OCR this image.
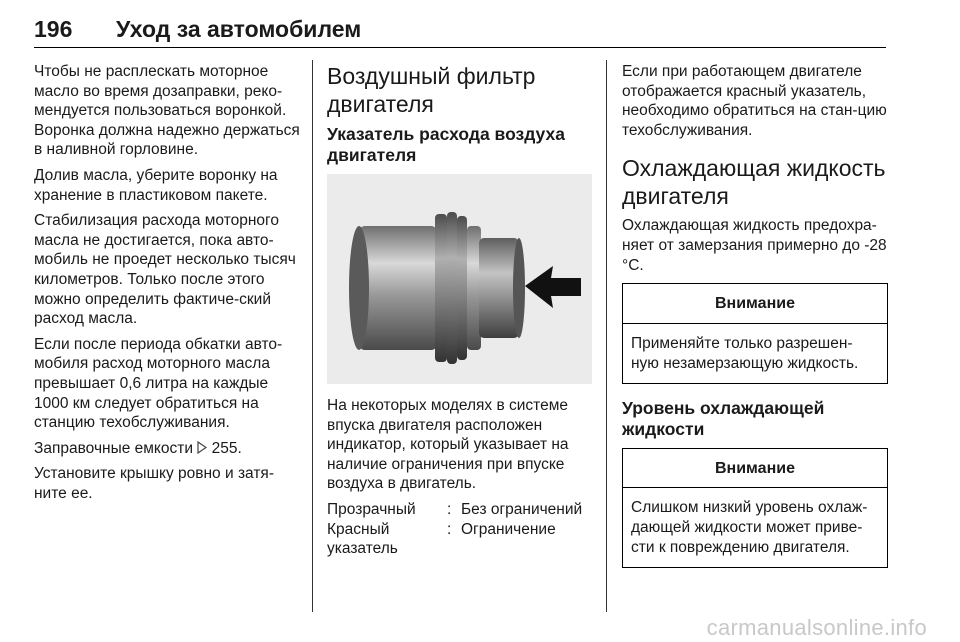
196 Уход за автомобилем

Чтобы не расплескать моторное масло во время дозаправки, реко-мендуется пользоваться воронкой. Воронка должна надежно держаться в наливной горловине.

Долив масла, уберите воронку на хранение в пластиковом пакете.

Стабилизация расхода моторного масла не достигается, пока авто-мобиль не проедет несколько тысяч километров. Только после этого можно определить фактиче-ский расход масла.

Если после периода обкатки авто-мобиля расход моторного масла превышает 0,6 литра на каждые 1000 км следует обратиться на станцию техобслуживания.

Заправочные емкости 255.

Установите крышку ровно и затя-ните ее.

Воздушный фильтр двигателя
Указатель расхода воздуха двигателя

На некоторых моделях в системе впуска двигателя расположен индикатор, который указывает на наличие ограничения при впуске воздуха в двигатель.

Прозрачный	: Без ограничений
Красный указатель
: Ограничение

Если при работающем двигателе отображается красный указатель, необходимо обратиться на стан-цию техобслуживания.

Охлаждающая жидкость двигателя

Охлаждающая жидкость предохра-няет от замерзания примерно до -28 °C.

Внимание
Применяйте только разрешен-ную незамерзающую жидкость.
Уровень охлаждающей жидкости
Внимание
Слишком низкий уровень охлаж-дающей жидкости может приве-сти к повреждению двигателя.
carmanualsonline.info
